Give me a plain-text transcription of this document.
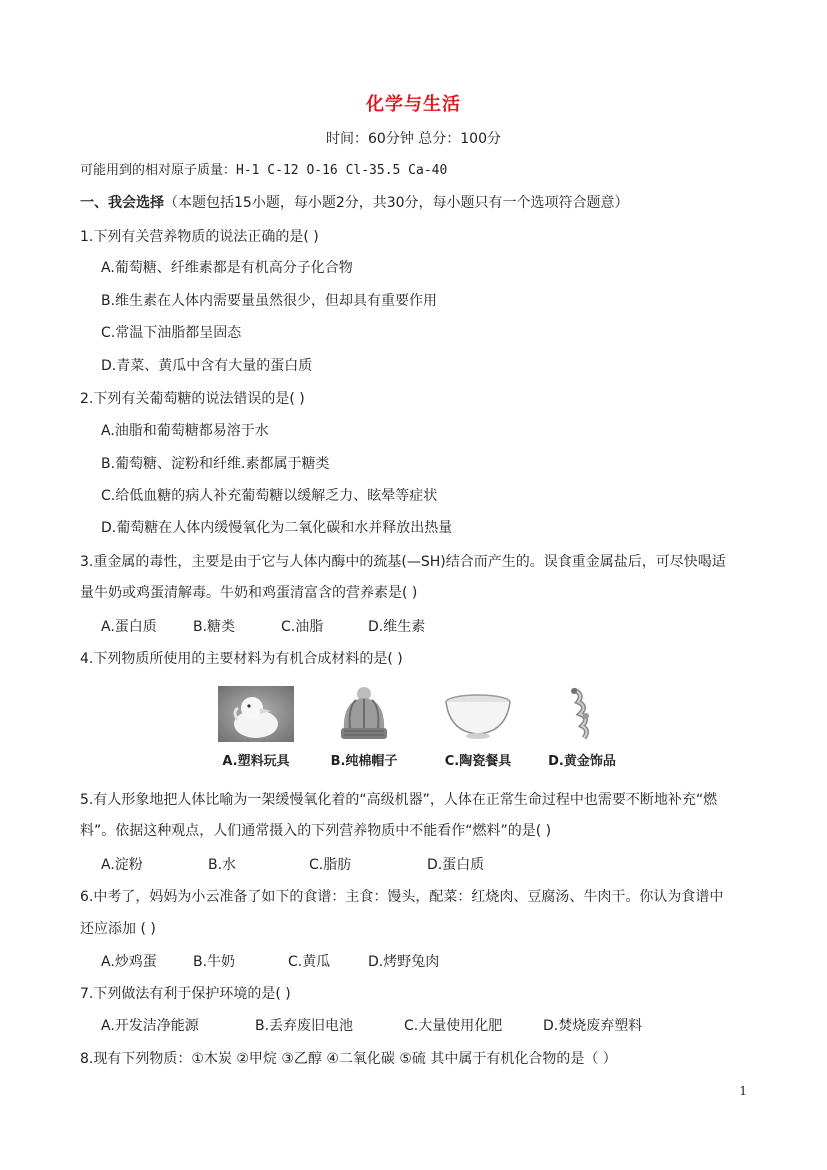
化学与生活
时间：60分钟 总分：100分
可能用到的相对原子质量：H-1 C-12 O-16 Cl-35.5 Ca-40
一、我会选择（本题包括15小题，每小题2分，共30分，每小题只有一个选项符合题意）
1.下列有关营养物质的说法正确的是( )
A.葡萄糖、纤维素都是有机高分子化合物
B.维生素在人体内需要量虽然很少，但却具有重要作用
C.常温下油脂都呈固态
D.青菜、黄瓜中含有大量的蛋白质
2.下列有关葡萄糖的说法错误的是( )
A.油脂和葡萄糖都易溶于水
B.葡萄糖、淀粉和纤维.素都属于糖类
C.给低血糖的病人补充葡萄糖以缓解乏力、眩晕等症状
D.葡萄糖在人体内缓慢氧化为二氧化碳和水并释放出热量
3.重金属的毒性，主要是由于它与人体内酶中的巯基(—SH)结合而产生的。误食重金属盐后，可尽快喝适
量牛奶或鸡蛋清解毒。牛奶和鸡蛋清富含的营养素是( )
A.蛋白质	B.糖类	C.油脂	D.维生素
4.下列物质所使用的主要材料为有机合成材料的是( )
A.塑料玩具	B.纯棉帽子	C.陶瓷餐具	D.黄金饰品
5.有人形象地把人体比喻为一架缓慢氧化着的“高级机器”，人体在正常生命过程中也需要不断地补充“燃
料”。依据这种观点，人们通常摄入的下列营养物质中不能看作“燃料”的是( )
A.淀粉	B.水	C.脂肪	D.蛋白质
6.中考了，妈妈为小云准备了如下的食谱：主食：馒头，配菜：红烧肉、豆腐汤、牛肉干。你认为食谱中
还应添加 ( )
A.炒鸡蛋	B.牛奶	C.黄瓜	D.烤野兔肉
7.下列做法有利于保护环境的是( )
A.开发洁净能源	B.丢弃废旧电池	C.大量使用化肥	D.焚烧废弃塑料
8.现有下列物质：①木炭 ②甲烷 ③乙醇 ④二氧化碳 ⑤硫 其中属于有机化合物的是（ ）
1
